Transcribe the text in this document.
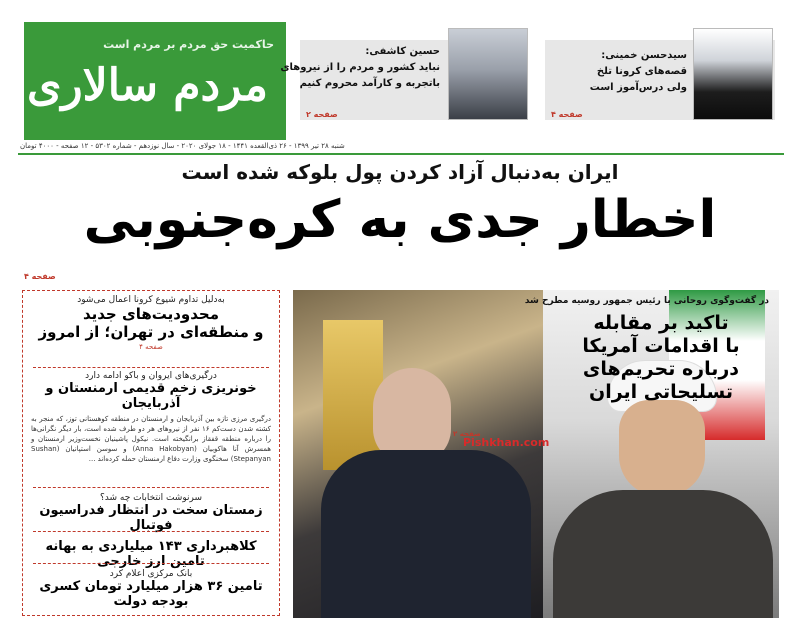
حاکمیت حق مردم بر مردم است
مردم سالاری
حسین کاشفی:
نباید کشور و مردم را از نیروهای
باتجربه و کارآمد محروم کنیم
صفحه ۲
سیدحسن خمینی:
قصه‌های کرونا تلخ
ولی درس‌آموز است
صفحه ۴
شنبه ۲۸ تیر ۱۳۹۹ - ۲۶ ذی‌القعده ۱۴۴۱ - ۱۸ جولای ۲۰۲۰ - سال نوزدهم - شماره ۵۳۰۲ - ۱۲ صفحه - ۴۰۰۰ تومان
ایران به‌دنبال آزاد کردن پول بلوکه شده است
اخطار جدی به کره‌جنوبی
صفحه ۴
به‌دلیل تداوم شیوع کرونا اعمال می‌شود
محدودیت‌های جدید
و منطقه‌ای در تهران؛ از امروز
صفحه ۴
درگیری‌های ایروان و باکو ادامه دارد
خونریزی زخم قدیمی ارمنستان و آذربایجان
درگیری مرزی تازه بین آذربایجان و ارمنستان در منطقه کوهستانی توز، که منجر به کشته شدن دست‌کم ۱۶ نفر از نیروهای هر دو طرف شده است، بار دیگر نگرانی‌ها را درباره منطقه قفقاز برانگیخته است. نیکول پاشینیان نخست‌وزیر ارمنستان و همسرش آنا هاکوبیان (Anna Hakobyan) و سوسن استپانیان (Sushan Stepanyan) سخنگوی وزارت دفاع ارمنستان حمله کرده‌اند ...
سرنوشت انتخابات چه شد؟
زمستان سخت در انتظار فدراسیون فوتبال
کلاهبرداری ۱۴۳ میلیاردی به بهانه تامین ارز خارجی
بانک مرکزی اعلام کرد
تامین ۳۶ هزار میلیارد تومان کسری بودجه دولت
در گفت‌وگوی روحانی با رئیس جمهور روسیه مطرح شد
تاکید بر مقابله
با اقدامات آمریکا
درباره تحریم‌های
تسلیحاتی ایران
صفحه ۲
Pishkhan.com
